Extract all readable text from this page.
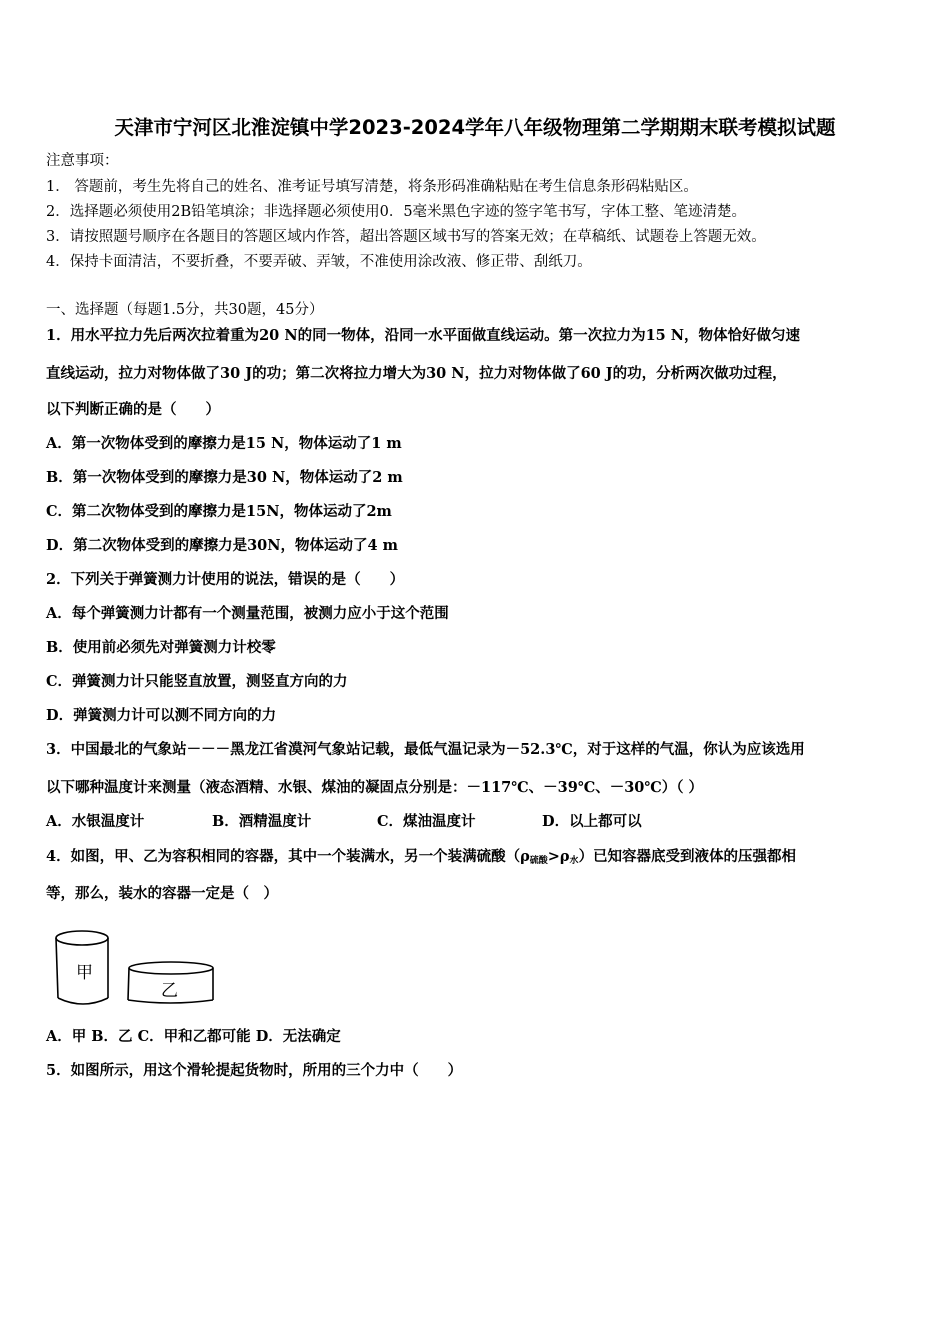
天津市宁河区北淮淀镇中学2023-2024学年八年级物理第二学期期末联考模拟试题
注意事项：
1． 答题前，考生先将自己的姓名、准考证号填写清楚，将条形码准确粘贴在考生信息条形码粘贴区。
2．选择题必须使用2B铅笔填涂；非选择题必须使用0．5毫米黑色字迹的签字笔书写，字体工整、笔迹清楚。
3．请按照题号顺序在各题目的答题区域内作答，超出答题区域书写的答案无效；在草稿纸、试题卷上答题无效。
4．保持卡面清洁，不要折叠，不要弄破、弄皱，不准使用涂改液、修正带、刮纸刀。
一、选择题（每题1.5分，共30题，45分）
1．用水平拉力先后两次拉着重为20 N的同一物体，沿同一水平面做直线运动。第一次拉力为15 N，物体恰好做匀速
直线运动，拉力对物体做了30 J的功；第二次将拉力增大为30 N，拉力对物体做了60 J的功，分析两次做功过程，
以下判断正确的是（　　）
A．第一次物体受到的摩擦力是15 N，物体运动了1 m
B．第一次物体受到的摩擦力是30 N，物体运动了2 m
C．第二次物体受到的摩擦力是15N，物体运动了2m
D．第二次物体受到的摩擦力是30N，物体运动了4 m
2．下列关于弹簧测力计使用的说法，错误的是（　　）
A．每个弹簧测力计都有一个测量范围，被测力应小于这个范围
B．使用前必须先对弹簧测力计校零
C．弹簧测力计只能竖直放置，测竖直方向的力
D．弹簧测力计可以测不同方向的力
3．中国最北的气象站－－－黑龙江省漠河气象站记载，最低气温记录为－52.3℃，对于这样的气温，你认为应该选用
以下哪种温度计来测量（液态酒精、水银、煤油的凝固点分别是：－117℃、－39℃、－30℃）（ ）
A．水银温度计	B．酒精温度计	C．煤油温度计	D．以上都可以
4．如图，甲、乙为容积相同的容器，其中一个装满水，另一个装满硫酸$(\rho_{硫酸}>\rho_水)$已知容器底受到液体的压强都相
等，那么，装水的容器一定是（　）
甲
乙
A．甲 B．乙 C．甲和乙都可能 D．无法确定
5．如图所示，用这个滑轮提起货物时，所用的三个力中（　　）
